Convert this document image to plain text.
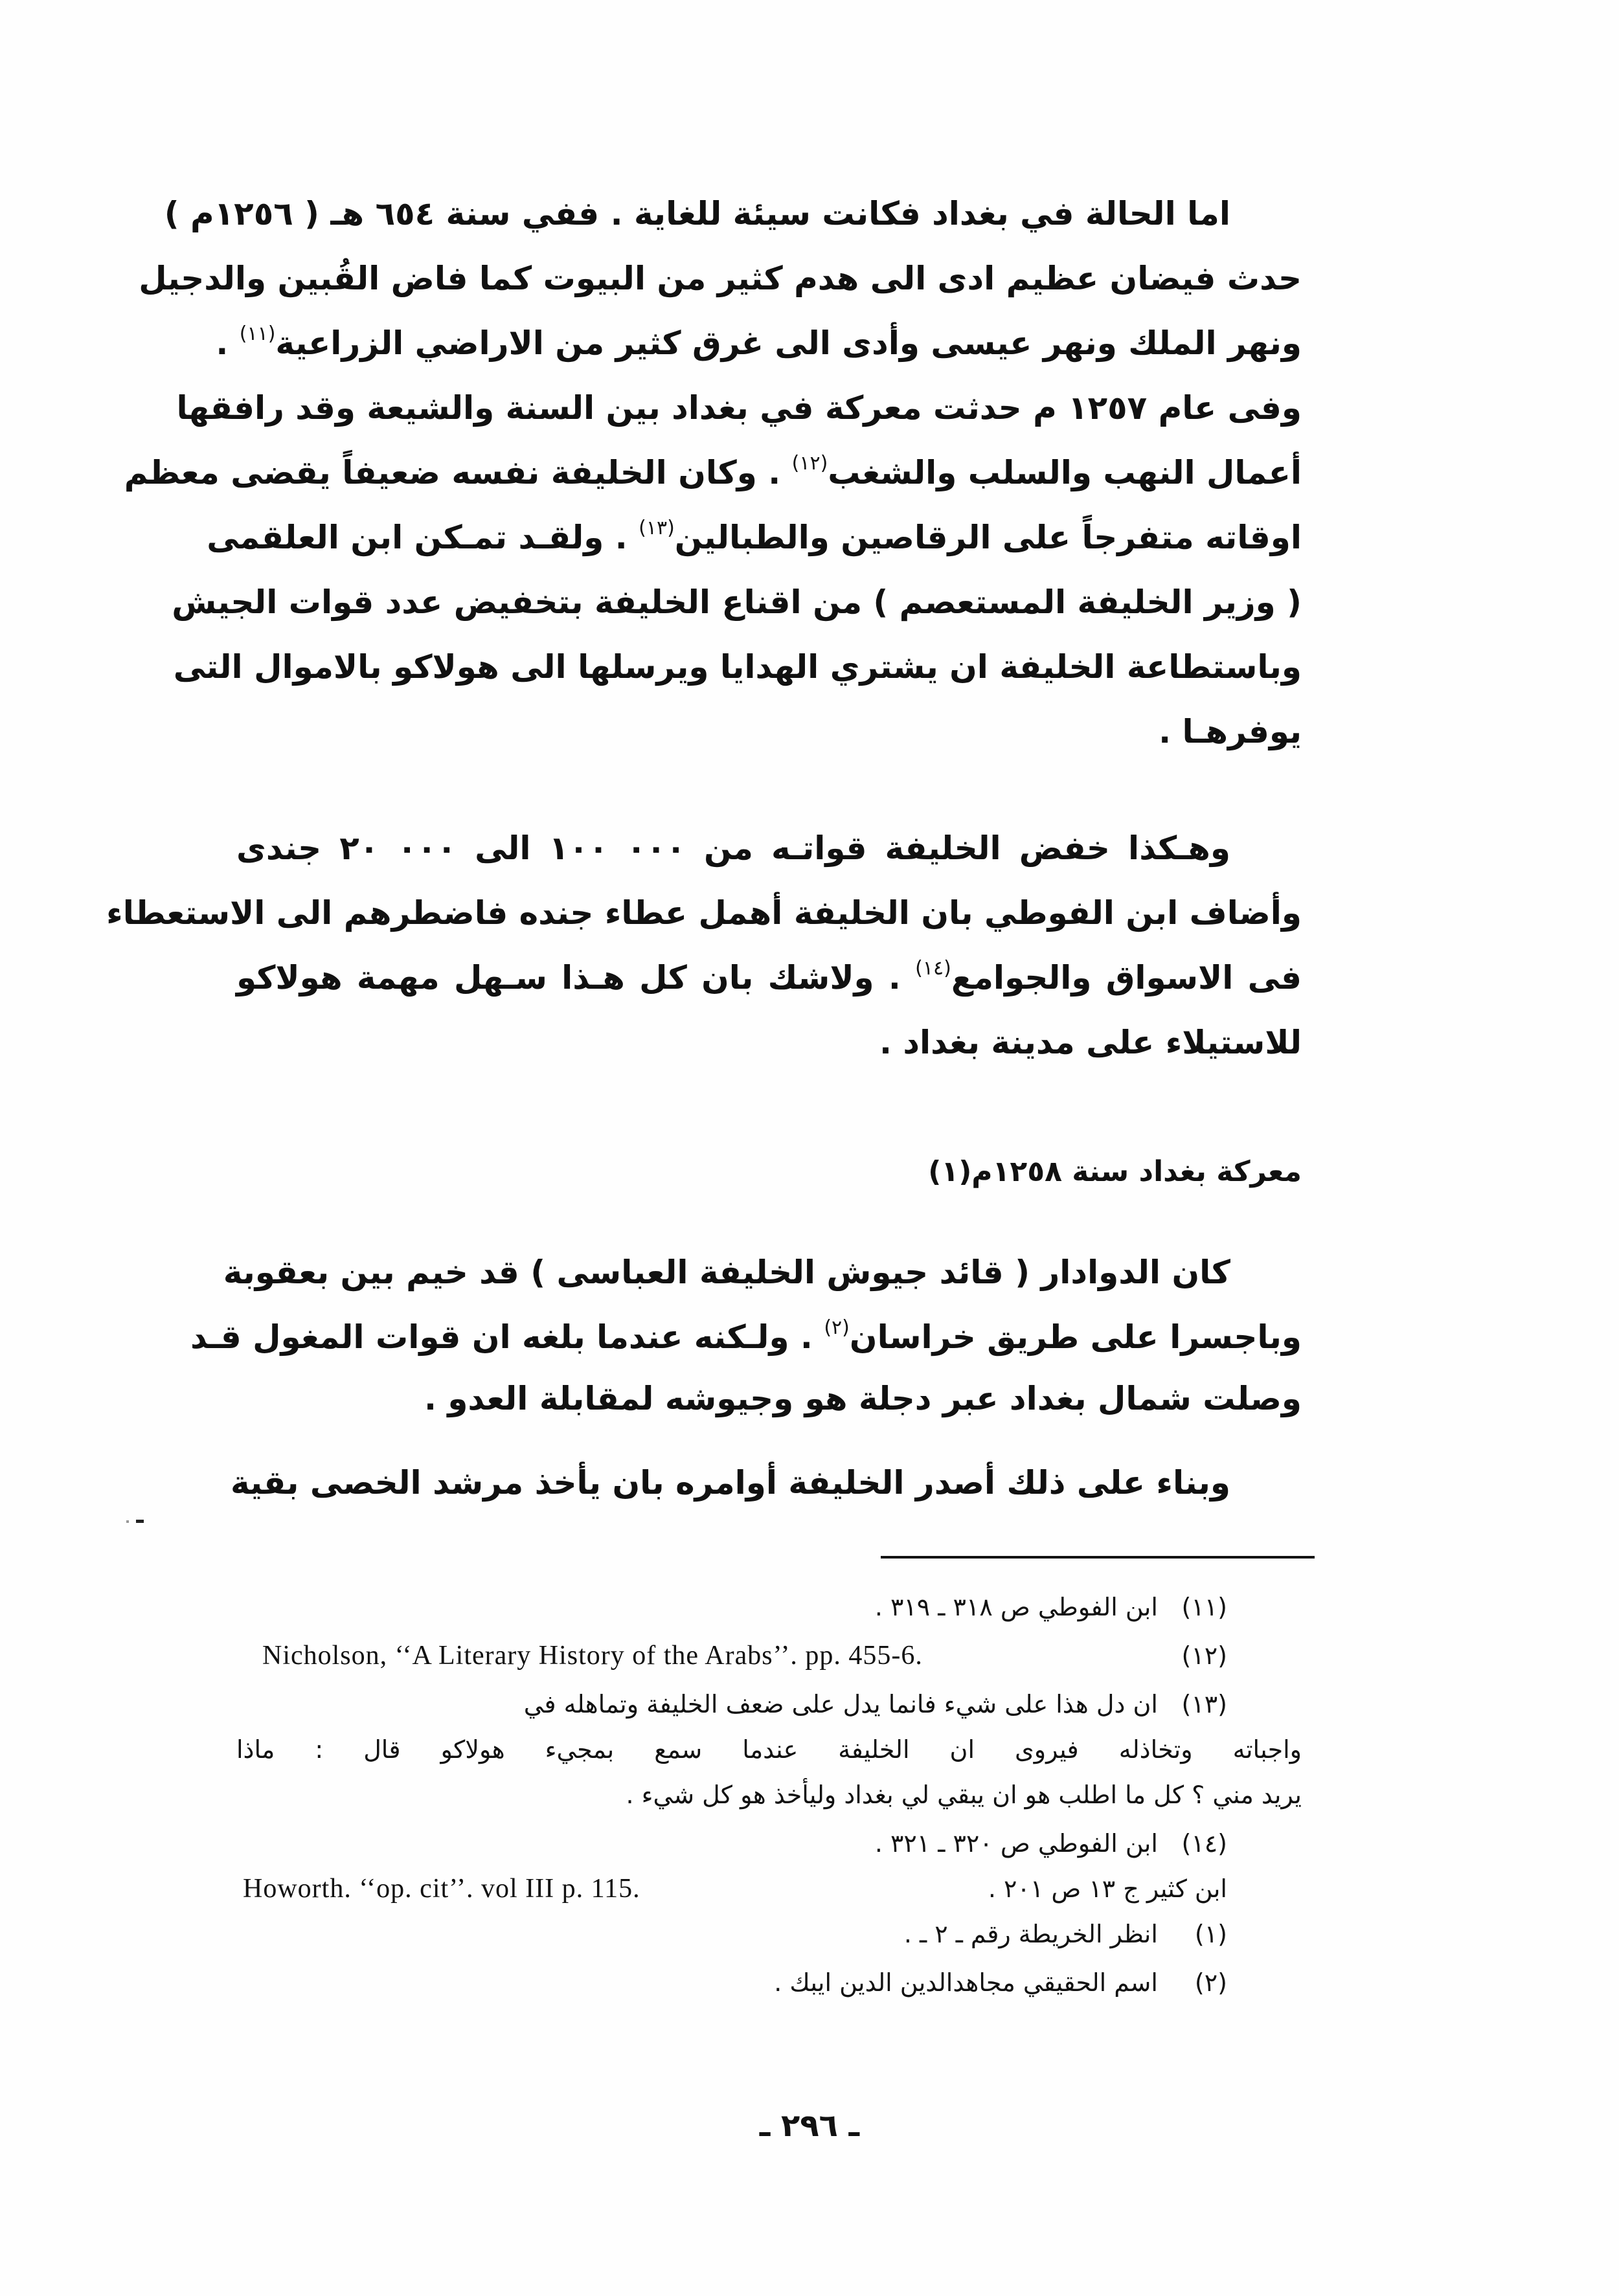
اما الحالة في بغداد فكانت سيئة للغاية . ففي سنة ٦٥٤ هـ ( ١٢٥٦م )
حدث فيضان عظيم ادى الى هدم كثير من البيوت كما فاض القُبين والدجيل
ونهر الملك ونهر عيسى وأدى الى غرق كثير من الاراضي الزراعية$^{(١١)}$ .
وفى عام ١٢٥٧ م حدثت معركة في بغداد بين السنة والشيعة وقد رافقها
أعمال النهب والسلب والشغب$^{(١٢)}$ . وكان الخليفة نفسه ضعيفاً يقضى معظم
اوقاته متفرجاً على الرقاصين والطبالين$^{(١٣)}$ . ولقـد تمـكن ابن العلقمى
( وزير الخليفة المستعصم ) من اقناع الخليفة بتخفيض عدد قوات الجيش
وباستطاعة الخليفة ان يشتري الهدايا ويرسلها الى هولاكو بالاموال التى
يوفرهـا .
وهـكذا خفض الخليفة قواتـه من ٠٠٠ ١٠٠ الى ٠٠٠ ٢٠ جندى
وأضاف ابن الفوطي بان الخليفة أهمل عطاء جنده فاضطرهم الى الاستعطاء
فى الاسواق والجوامع$^{(١٤)}$ . ولاشك بان كل هـذا سـهل مهمة هولاكو
للاستيلاء على مدينة بغداد .
معركة بغداد سنة ١٢٥٨م(١)
كان الدوادار ( قائد جيوش الخليفة العباسى ) قد خيم بين بعقوبة
وباجسرا على طريق خراسان$^{(٢)}$ . ولـكنه عندما بلغه ان قوات المغول قـد
وصلت شمال بغداد عبر دجلة هو وجيوشه لمقابلة العدو .
وبناء على ذلك أصدر الخليفة أوامره بان يأخذ مرشد الخصى بقية
(١١) ابن الفوطي ص ٣١٨ ـ ٣١٩ .
(١٢)
Nicholson, ‘‘A Literary History of the Arabs’’. pp. 455-6.
(١٣) ان دل هذا على شيء فانما يدل على ضعف الخليفة وتماهله في
واجباته وتخاذله فيروى ان الخليفة عندما سمع بمجيء هولاكو قال : ماذا
يريد مني ؟ كل ما اطلب هو ان يبقي لي بغداد وليأخذ هو كل شيء .
(١٤) ابن الفوطي ص ٣٢٠ ـ ٣٢١ .
Howorth. ‘‘op. cit’’. vol III p. 115.	ابن كثير ج ١٣ ص ٢٠١ .
(١) انظر الخريطة رقم ـ ٢ ـ .
(٢) اسم الحقيقي مجاهدالدين الدين ايبك .
ـ ٢٩٦ ـ
